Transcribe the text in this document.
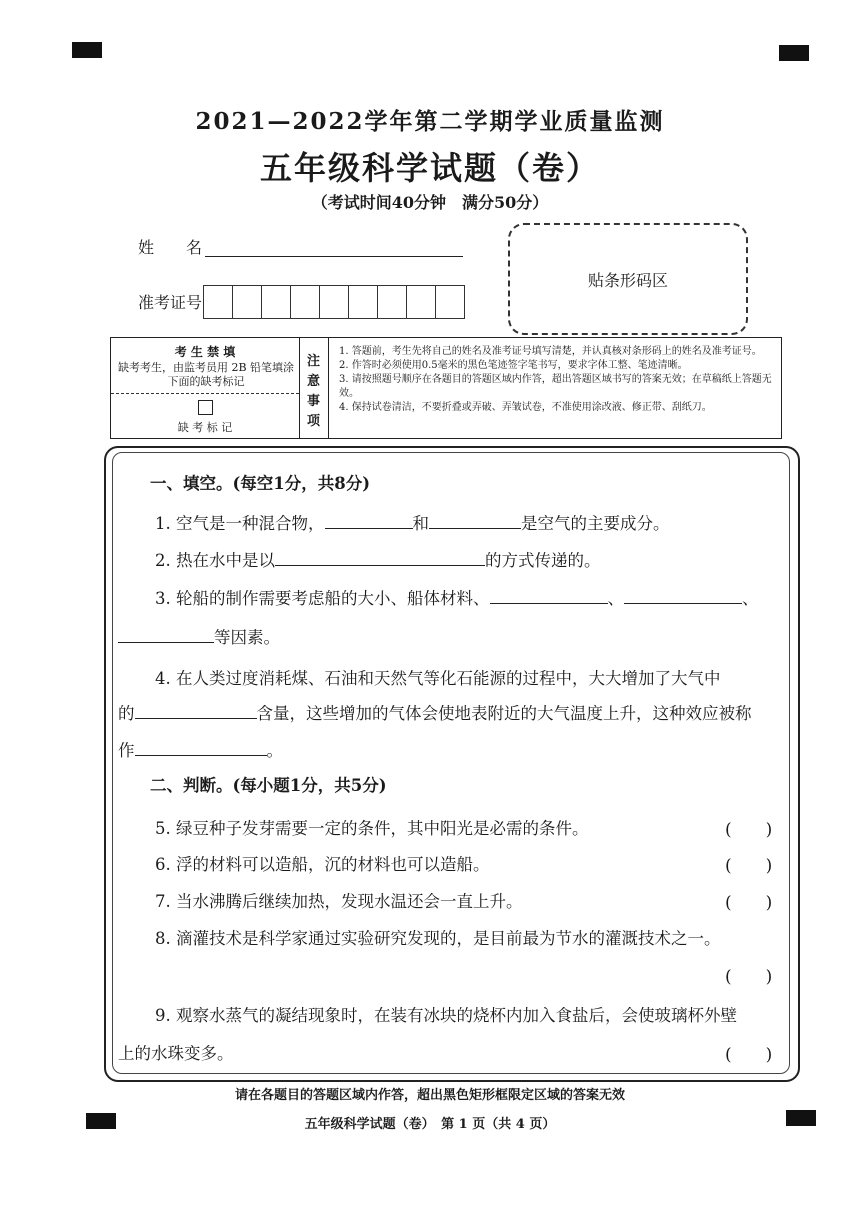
2021—2022学年第二学期学业质量监测
五年级科学试题（卷）
（考试时间40分钟　满分50分）
姓　　名
准考证号
贴条形码区
考 生 禁 填
缺考考生，由监考员用 2B 铅笔填涂下面的缺考标记
缺 考 标 记
注
意
事
项
1. 答题前，考生先将自己的姓名及准考证号填写清楚，并认真核对条形码上的姓名及准考证号。
2. 作答时必须使用0.5毫米的黑色笔迹签字笔书写，要求字体工整、笔迹清晰。
3. 请按照题号顺序在各题目的答题区域内作答，超出答题区域书写的答案无效；在草稿纸上答题无效。
4. 保持试卷清洁，不要折叠或弄破、弄皱试卷，不准使用涂改液、修正带、刮纸刀。
一、填空。(每空1分，共8分)
1. 空气是一种混合物，	和	是空气的主要成分。
2. 热在水中是以	的方式传递的。
3. 轮船的制作需要考虑船的大小、船体材料、	、	、
等因素。
4. 在人类过度消耗煤、石油和天然气等化石能源的过程中，大大增加了大气中
的	含量，这些增加的气体会使地表附近的大气温度上升，这种效应被称
作	。
二、判断。(每小题1分，共5分)
5. 绿豆种子发芽需要一定的条件，其中阳光是必需的条件。	(　　)
6. 浮的材料可以造船，沉的材料也可以造船。	(　　)
7. 当水沸腾后继续加热，发现水温还会一直上升。	(　　)
8. 滴灌技术是科学家通过实验研究发现的，是目前最为节水的灌溉技术之一。
(　　)
9. 观察水蒸气的凝结现象时，在装有冰块的烧杯内加入食盐后，会使玻璃杯外壁
上的水珠变多。	(　　)
请在各题目的答题区域内作答，超出黑色矩形框限定区域的答案无效
五年级科学试题（卷）　第 1 页（共 4 页）
